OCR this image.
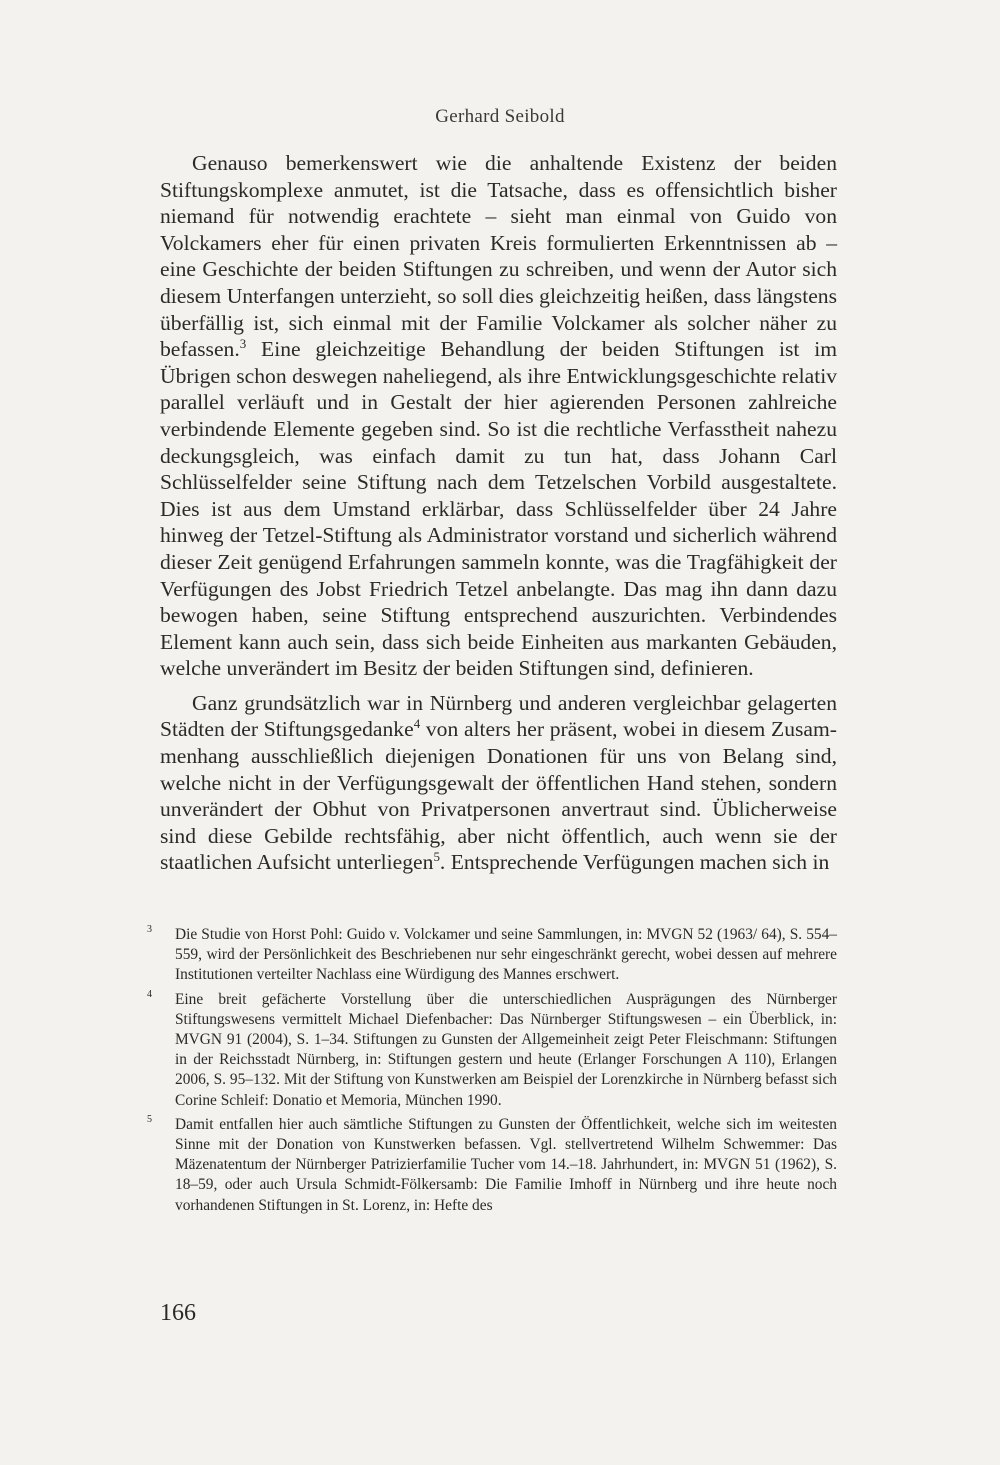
Gerhard Seibold

Genauso bemerkenswert wie die anhaltende Existenz der beiden Stiftungskomplexe anmutet, ist die Tatsache, dass es offensichtlich bisher niemand für notwendig erachtete – sieht man einmal von Guido von Volckamers eher für einen privaten Kreis formulierten Erkenntnissen ab – eine Geschichte der beiden Stiftungen zu schreiben, und wenn der Autor sich diesem Unterfangen unterzieht, so soll dies gleichzeitig heißen, dass längstens überfällig ist, sich einmal mit der Familie Volckamer als solcher näher zu befassen.$^3$ Eine gleichzeitige Behandlung der beiden Stiftungen ist im Übrigen schon deswegen naheliegend, als ihre Entwicklungsgeschichte relativ parallel verläuft und in Gestalt der hier agierenden Personen zahlreiche verbindende Elemente gegeben sind. So ist die rechtliche Verfasstheit nahezu deckungsgleich, was einfach damit zu tun hat, dass Johann Carl Schlüsselfelder seine Stiftung nach dem Tetzelschen Vorbild ausgestaltete. Dies ist aus dem Umstand erklärbar, dass Schlüsselfelder über 24 Jahre hinweg der Tetzel-Stiftung als Administrator vorstand und sicherlich während dieser Zeit genügend Erfahrungen sammeln konnte, was die Tragfähigkeit der Verfügungen des Jobst Friedrich Tetzel anbelangte. Das mag ihn dann dazu bewogen haben, seine Stiftung entsprechend auszurichten. Verbindendes Element kann auch sein, dass sich beide Einheiten aus markanten Gebäuden, welche unverändert im Besitz der beiden Stiftungen sind, definieren.

Ganz grundsätzlich war in Nürnberg und anderen vergleichbar gelagerten Städten der Stiftungsgedanke$^4$ von alters her präsent, wobei in diesem Zusammenhang ausschließlich diejenigen Donationen für uns von Belang sind, welche nicht in der Verfügungsgewalt der öffentlichen Hand stehen, sondern unverändert der Obhut von Privatpersonen anvertraut sind. Üblicherweise sind diese Gebilde rechtsfähig, aber nicht öffentlich, auch wenn sie der staatlichen Aufsicht unterliegen$^5$. Entsprechende Verfügungen machen sich in

3 Die Studie von Horst Pohl: Guido v. Volckamer und seine Sammlungen, in: MVGN 52 (1963/ 64), S. 554–559, wird der Persönlichkeit des Beschriebenen nur sehr eingeschränkt gerecht, wobei dessen auf mehrere Institutionen verteilter Nachlass eine Würdigung des Mannes erschwert.
4 Eine breit gefächerte Vorstellung über die unterschiedlichen Ausprägungen des Nürnberger Stiftungswesens vermittelt Michael Diefenbacher: Das Nürnberger Stiftungswesen – ein Überblick, in: MVGN 91 (2004), S. 1–34. Stiftungen zu Gunsten der Allgemeinheit zeigt Peter Fleischmann: Stiftungen in der Reichsstadt Nürnberg, in: Stiftungen gestern und heute (Erlanger Forschungen A 110), Erlangen 2006, S. 95–132. Mit der Stiftung von Kunstwerken am Beispiel der Lorenzkirche in Nürnberg befasst sich Corine Schleif: Donatio et Memoria, München 1990.
5 Damit entfallen hier auch sämtliche Stiftungen zu Gunsten der Öffentlichkeit, welche sich im weitesten Sinne mit der Donation von Kunstwerken befassen. Vgl. stellvertretend Wilhelm Schwemmer: Das Mäzenatentum der Nürnberger Patrizierfamilie Tucher vom 14.–18. Jahrhundert, in: MVGN 51 (1962), S. 18–59, oder auch Ursula Schmidt-Fölkersamb: Die Familie Imhoff in Nürnberg und ihre heute noch vorhandenen Stiftungen in St. Lorenz, in: Hefte des
166
